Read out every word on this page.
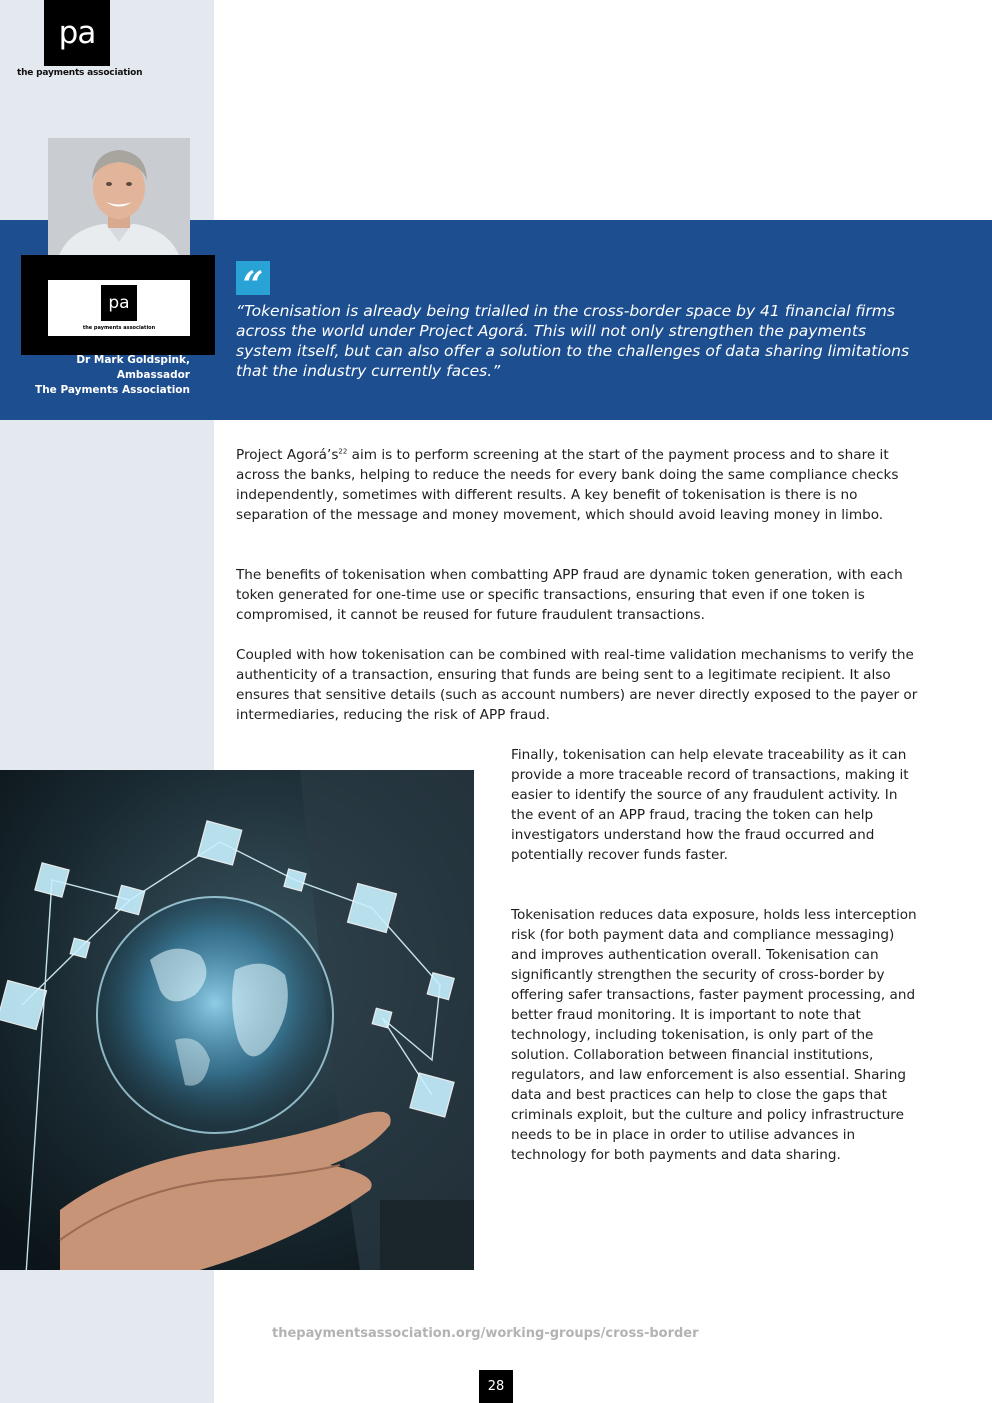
pa
the payments association
pa
the payments association
Dr Mark Goldspink,
Ambassador
The Payments Association
“

“Tokenisation is already being trialled in the cross-border space by 41 financial firms across the world under Project Agorá. This will not only strengthen the payments system itself, but can also offer a solution to the challenges of data sharing limitations that the industry currently faces.”

Project $Agorá’s^{22}$ aim is to perform screening at the start of the payment process and to share it across the banks, helping to reduce the needs for every bank doing the same compliance checks independently, sometimes with different results. A key benefit of tokenisation is there is no separation of the message and money movement, which should avoid leaving money in limbo.

The benefits of tokenisation when combatting APP fraud are dynamic token generation, with each token generated for one-time use or specific transactions, ensuring that even if one token is compromised, it cannot be reused for future fraudulent transactions.

Coupled with how tokenisation can be combined with real-time validation mechanisms to verify the authenticity of a transaction, ensuring that funds are being sent to a legitimate recipient. It also ensures that sensitive details (such as account numbers) are never directly exposed to the payer or intermediaries, reducing the risk of APP fraud.

Finally, tokenisation can help elevate traceability as it can provide a more traceable record of transactions, making it easier to identify the source of any fraudulent activity. In the event of an APP fraud, tracing the token can help investigators understand how the fraud occurred and potentially recover funds faster.

Tokenisation reduces data exposure, holds less interception risk (for both payment data and compliance messaging) and improves authentication overall. Tokenisation can significantly strengthen the security of cross-border by offering safer transactions, faster payment processing, and better fraud monitoring. It is important to note that technology, including tokenisation, is only part of the solution. Collaboration between financial institutions, regulators, and law enforcement is also essential. Sharing data and best practices can help to close the gaps that criminals exploit, but the culture and policy infrastructure needs to be in place in order to utilise advances in technology for both payments and data sharing.

thepaymentsassociation.org/working-groups/cross-border
28
